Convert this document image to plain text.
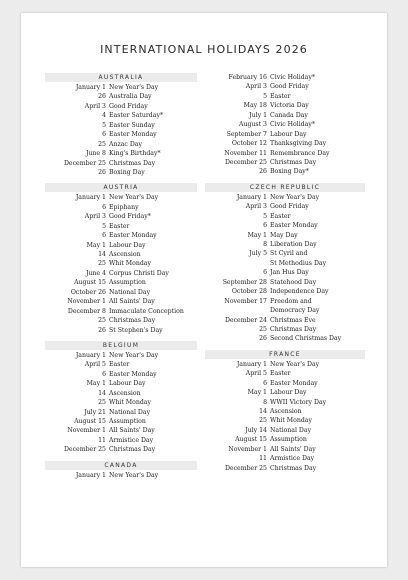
INTERNATIONAL HOLIDAYS 2026
AUSTRALIA
January 1 New Year's Day
26 Australia Day
April 3 Good Friday
4 Easter Saturday*
5 Easter Sunday
6 Easter Monday
25 Anzac Day
June 8 King's Birthday*
December 25 Christmas Day
26 Boxing Day
AUSTRIA
January 1 New Year's Day
6 Epiphany
April 3 Good Friday*
5 Easter
6 Easter Monday
May 1 Labour Day
14 Ascension
25 Whit Monday
June 4 Corpus Christi Day
August 15 Assumption
October 26 National Day
November 1 All Saints' Day
December 8 Immaculate Conception
25 Christmas Day
26 St Stephen's Day
BELGIUM
January 1 New Year's Day
April 5 Easter
6 Easter Monday
May 1 Labour Day
14 Ascension
25 Whit Monday
July 21 National Day
August 15 Assumption
November 1 All Saints' Day
11 Armistice Day
December 25 Christmas Day
CANADA
January 1 New Year's Day
February 16 Civic Holiday*
April 3 Good Friday
5 Easter
May 18 Victoria Day
July 1 Canada Day
August 3 Civic Holiday*
September 7 Labour Day
October 12 Thanksgiving Day
November 11 Remembrance Day
December 25 Christmas Day
26 Boxing Day*
CZECH REPUBLIC
January 1 New Year's Day
April 3 Good Friday
5 Easter
6 Easter Monday
May 1 May Day
8 Liberation Day
July 5 St Cyril and
St Methodius Day
6 Jan Hus Day
September 28 Statehood Day
October 28 Independence Day
November 17 Freedom and
Democracy Day
December 24 Christmas Eve
25 Christmas Day
26 Second Christmas Day
FRANCE
January 1 New Year's Day
April 5 Easter
6 Easter Monday
May 1 Labour Day
8 WWII Victory Day
14 Ascension
25 Whit Monday
July 14 National Day
August 15 Assumption
November 1 All Saints' Day
11 Armistice Day
December 25 Christmas Day
